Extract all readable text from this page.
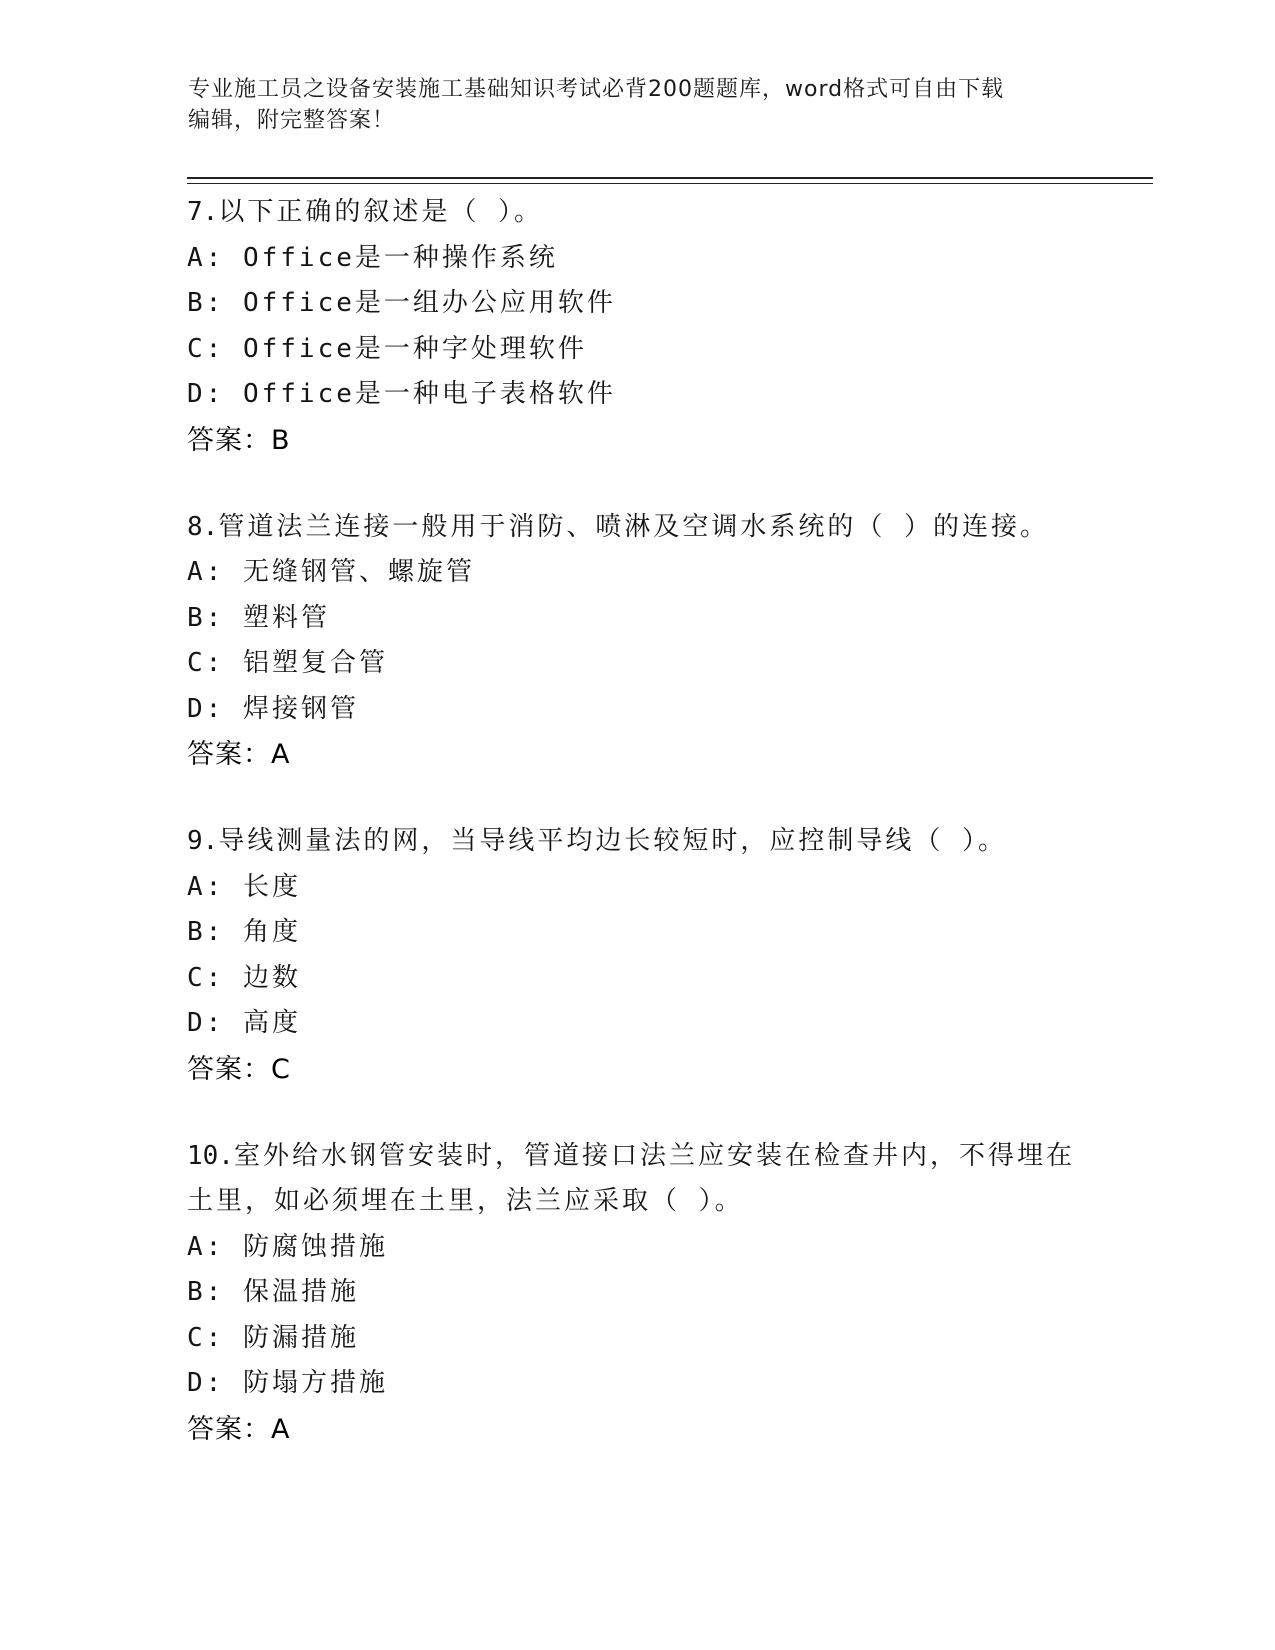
专业施工员之设备安装施工基础知识考试必背200题题库，word格式可自由下载
编辑，附完整答案！
7.以下正确的叙述是（ ）。
A: Office是一种操作系统
B: Office是一组办公应用软件
C: Office是一种字处理软件
D: Office是一种电子表格软件
答案：B
8.管道法兰连接一般用于消防、喷淋及空调水系统的（ ）的连接。
A: 无缝钢管、螺旋管
B: 塑料管
C: 铝塑复合管
D: 焊接钢管
答案：A
9.导线测量法的网，当导线平均边长较短时，应控制导线（ ）。
A: 长度
B: 角度
C: 边数
D: 高度
答案：C
10.室外给水钢管安装时，管道接口法兰应安装在检查井内，不得埋在
土里，如必须埋在土里，法兰应采取（ ）。
A: 防腐蚀措施
B: 保温措施
C: 防漏措施
D: 防塌方措施
答案：A
